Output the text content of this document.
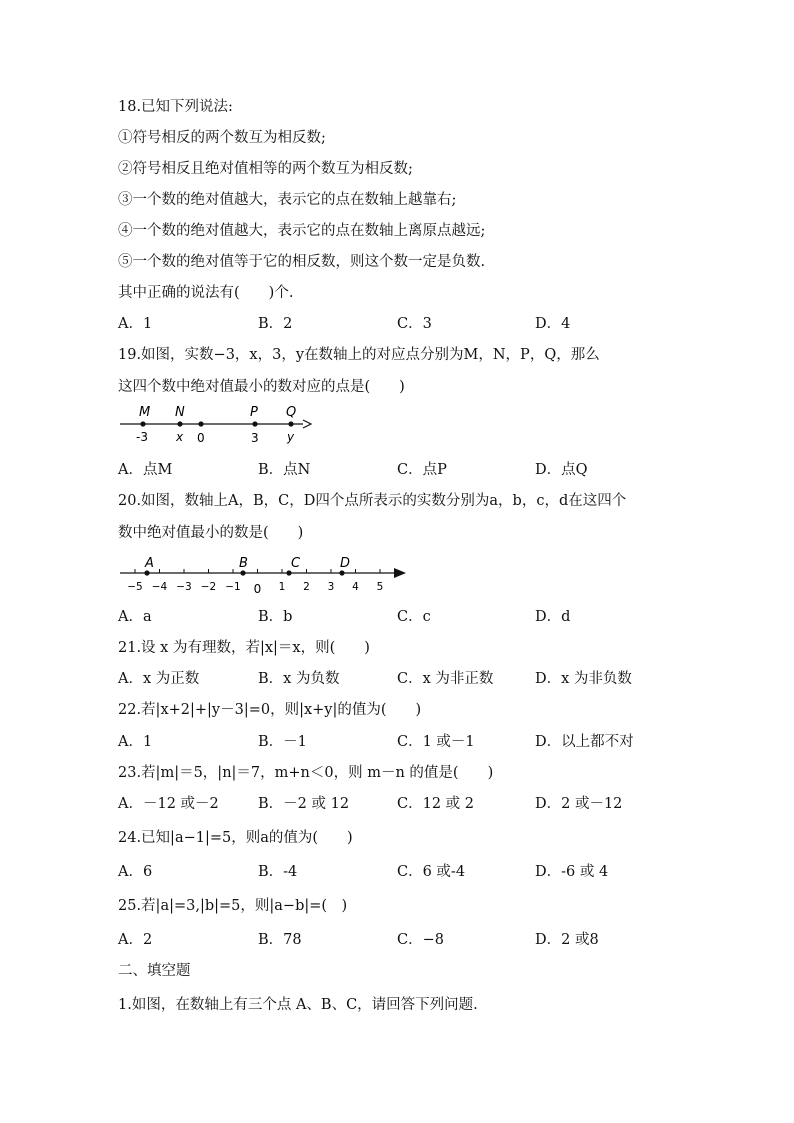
18.已知下列说法:
①符号相反的两个数互为相反数;
②符号相反且绝对值相等的两个数互为相反数;
③一个数的绝对值越大，表示它的点在数轴上越靠右;
④一个数的绝对值越大，表示它的点在数轴上离原点越远;
⑤一个数的绝对值等于它的相反数，则这个数一定是负数.
其中正确的说法有(　　)个.
A．1	B．2	C．3	D．4
19.如图，实数−3，x，3，y在数轴上的对应点分别为M，N，P，Q，那么
这四个数中绝对值最小的数对应的点是(　　)
M N	P Q
-3 x 0	3 y
A．点M	B．点N	C．点P	D．点Q
20.如图，数轴上A，B，C，D四个点所表示的实数分别为a，b，c，d在这四个
数中绝对值最小的数是(　　)
−5 −4 −3 −2 −1 0 1 2 3 4 5
A	B	C	D
A．a	B．b	C．c	D．d
21.设 x 为有理数，若|x|＝x，则(　　)
A．x 为正数	B．x 为负数	C．x 为非正数	D．x 为非负数
22.若|x+2|+|y－3|=0，则|x+y|的值为(　　)
A．1	B．－1	C．1 或－1	D．以上都不对
23.若|m|＝5，|n|＝7，m+n＜0，则 m－n 的值是(　　)
A．－12 或－2	B．－2 或 12	C．12 或 2	D．2 或－12
24.已知|a−1|=5，则a的值为(　　)
A．6	B．-4	C．6 或-4	D．-6 或 4
25.若|a|=3,|b|=5，则|a−b|=(　)
A．2	B．78	C．−8	D．2 或8
二、填空题
1.如图，在数轴上有三个点 A、B、C，请回答下列问题.
